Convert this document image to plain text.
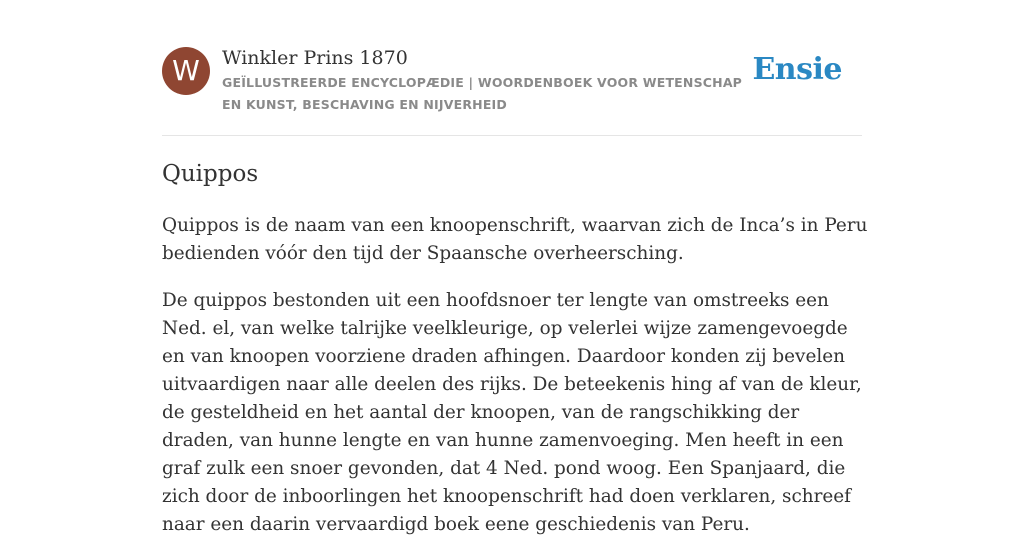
W	Winkler Prins 1870

GEÏLLUSTREERDE ENCYCLOPÆDIE | WOORDENBOEK VOOR WETENSCHAP EN KUNST, BESCHAVING EN NIJVERHEID

Ensie
Quippos

Quippos is de naam van een knoopenschrift, waarvan zich de Inca’s in Peru bedienden vóór den tijd der Spaansche overheersching.

De quippos bestonden uit een hoofdsnoer ter lengte van omstreeks een Ned. el, van welke talrijke veelkleurige, op velerlei wijze zamengevoegde en van knoopen voorziene draden afhingen. Daardoor konden zij bevelen uitvaardigen naar alle deelen des rijks. De beteekenis hing af van de kleur, de gesteldheid en het aantal der knoopen, van de rangschikking der draden, van hunne lengte en van hunne zamenvoeging. Men heeft in een graf zulk een snoer gevonden, dat 4 Ned. pond woog. Een Spanjaard, die zich door de inboorlingen het knoopenschrift had doen verklaren, schreef naar een daarin vervaardigd boek eene geschiedenis van Peru.
